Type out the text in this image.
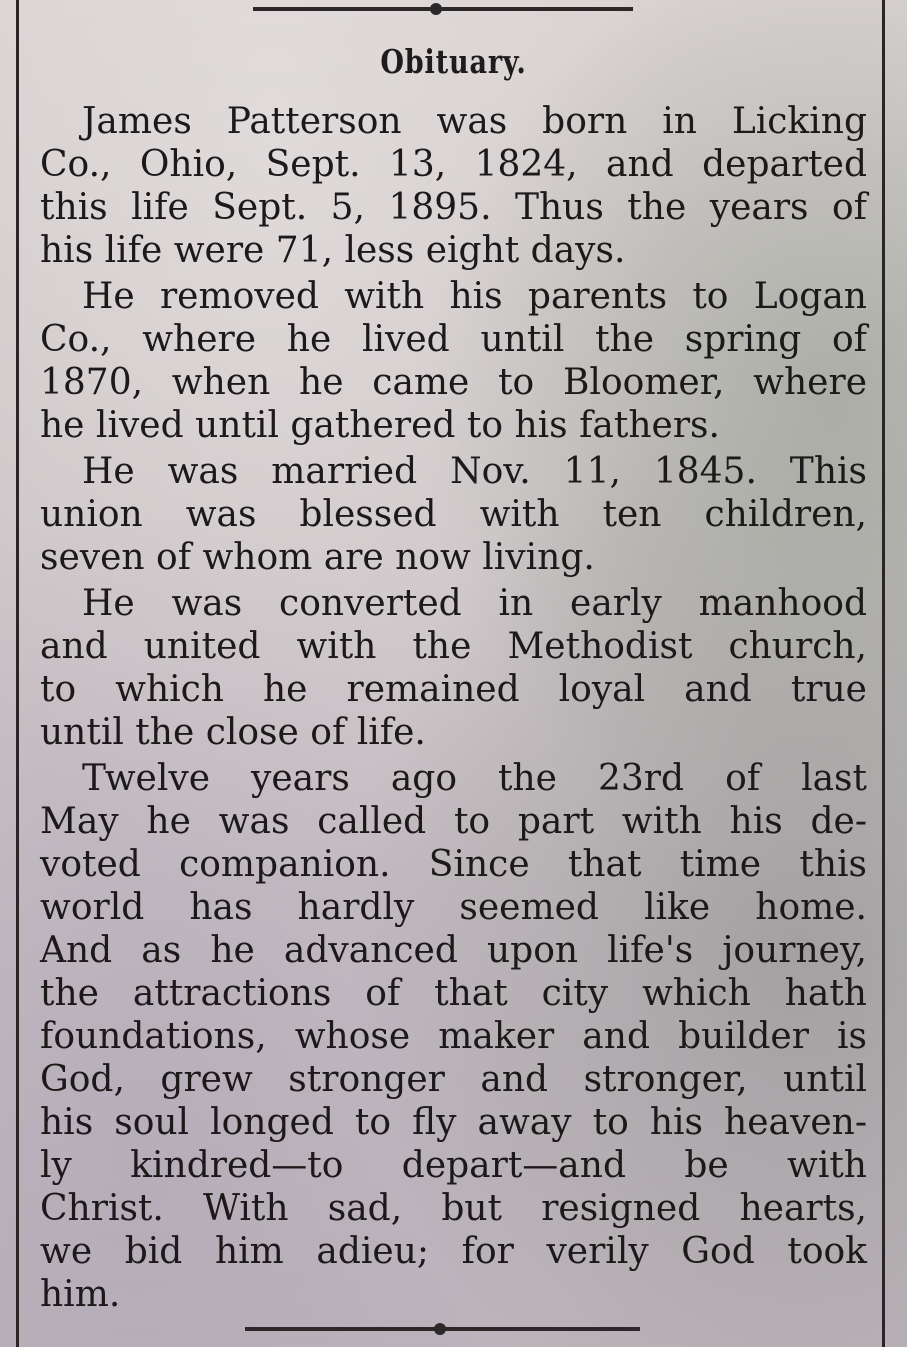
Obituary.
James Patterson was born in Licking
Co., Ohio, Sept. 13, 1824, and departed
this life Sept. 5, 1895. Thus the years of
his life were 71, less eight days.
He removed with his parents to Logan
Co., where he lived until the spring of
1870, when he came to Bloomer, where
he lived until gathered to his fathers.
He was married Nov. 11, 1845. This
union was blessed with ten children,
seven of whom are now living.
He was converted in early manhood
and united with the Methodist church,
to which he remained loyal and true
until the close of life.
Twelve years ago the 23rd of last
May he was called to part with his de-
voted companion. Since that time this
world has hardly seemed like home.
And as he advanced upon life's journey,
the attractions of that city which hath
foundations, whose maker and builder is
God, grew stronger and stronger, until
his soul longed to fly away to his heaven-
ly kindred—to depart—and be with
Christ. With sad, but resigned hearts,
we bid him adieu; for verily God took
him.
